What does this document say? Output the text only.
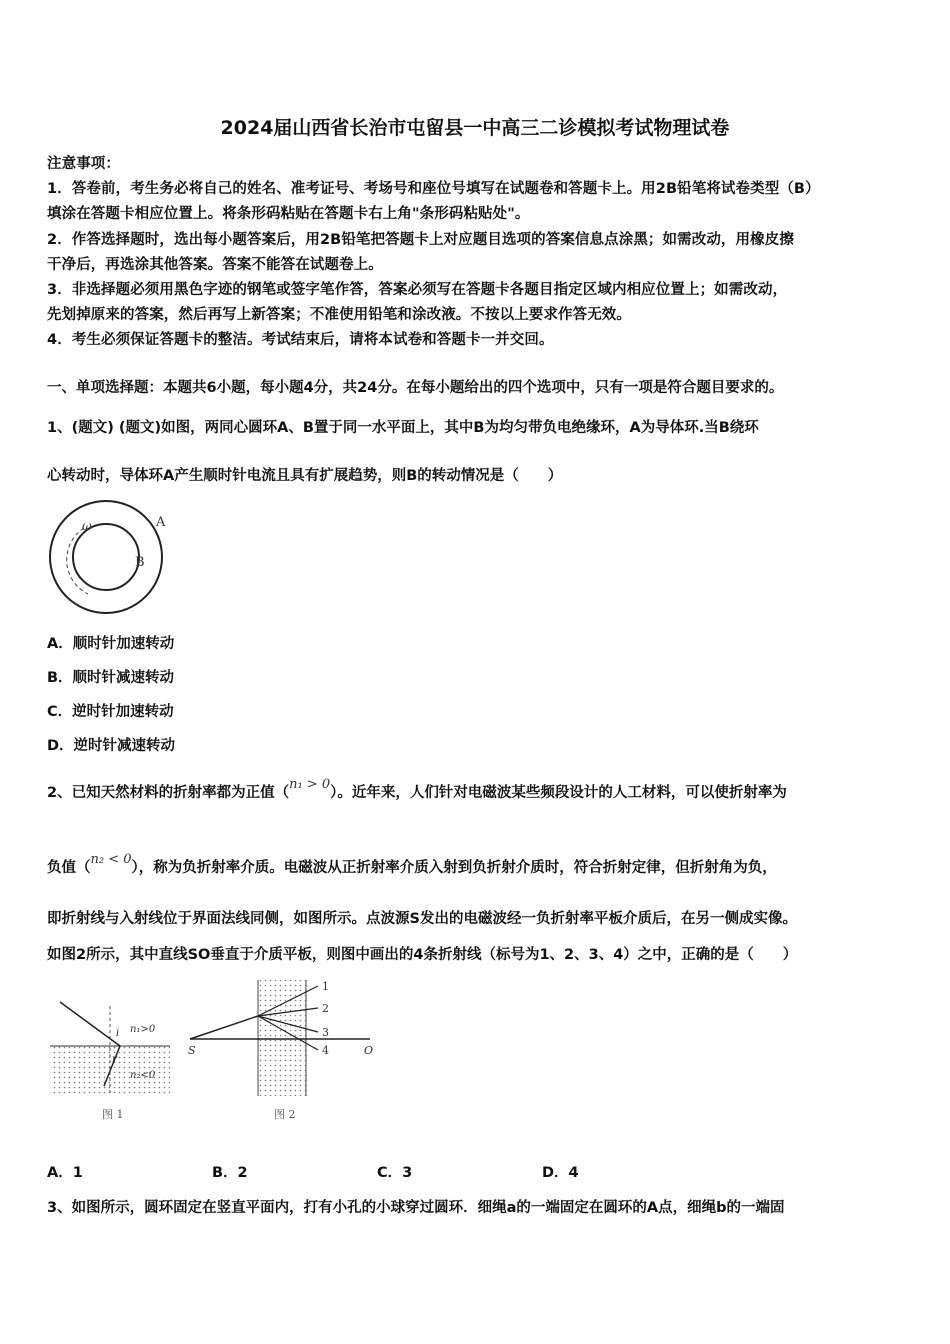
2024届山西省长治市屯留县一中高三二诊模拟考试物理试卷
注意事项：
1．答卷前，考生务必将自己的姓名、准考证号、考场号和座位号填写在试题卷和答题卡上。用2B铅笔将试卷类型（B）
填涂在答题卡相应位置上。将条形码粘贴在答题卡右上角"条形码粘贴处"。
2．作答选择题时，选出每小题答案后，用2B铅笔把答题卡上对应题目选项的答案信息点涂黑；如需改动，用橡皮擦
干净后，再选涂其他答案。答案不能答在试题卷上。
3．非选择题必须用黑色字迹的钢笔或签字笔作答，答案必须写在答题卡各题目指定区域内相应位置上；如需改动，
先划掉原来的答案，然后再写上新答案；不准使用铅笔和涂改液。不按以上要求作答无效。
4．考生必须保证答题卡的整洁。考试结束后，请将本试卷和答题卡一并交回。
一、单项选择题：本题共6小题，每小题4分，共24分。在每小题给出的四个选项中，只有一项是符合题目要求的。
1、(题文) (题文)如图，两同心圆环A、B置于同一水平面上，其中B为均匀带负电绝缘环，A为导体环.当B绕环
心转动时，导体环A产生顺时针电流且具有扩展趋势，则B的转动情况是（　　）
ω	A
B
A．顺时针加速转动
B．顺时针减速转动
C．逆时针加速转动
D．逆时针减速转动
2、已知天然材料的折射率都为正值（n₁ > 0）。近年来，人们针对电磁波某些频段设计的人工材料，可以使折射率为
负值（n₂ < 0），称为负折射率介质。电磁波从正折射率介质入射到负折射介质时，符合折射定律，但折射角为负，
即折射线与入射线位于界面法线同侧，如图所示。点波源S发出的电磁波经一负折射率平板介质后，在另一侧成实像。
如图2所示，其中直线SO垂直于介质平板，则图中画出的4条折射线（标号为1、2、3、4）之中，正确的是（　　）
i
r
n₁>0
n₂<0
图 1
1
2
3
4
S	O
图 2
A．1	B．2	C．3	D．4
3、如图所示，圆环固定在竖直平面内，打有小孔的小球穿过圆环．细绳a的一端固定在圆环的A点，细绳b的一端固
